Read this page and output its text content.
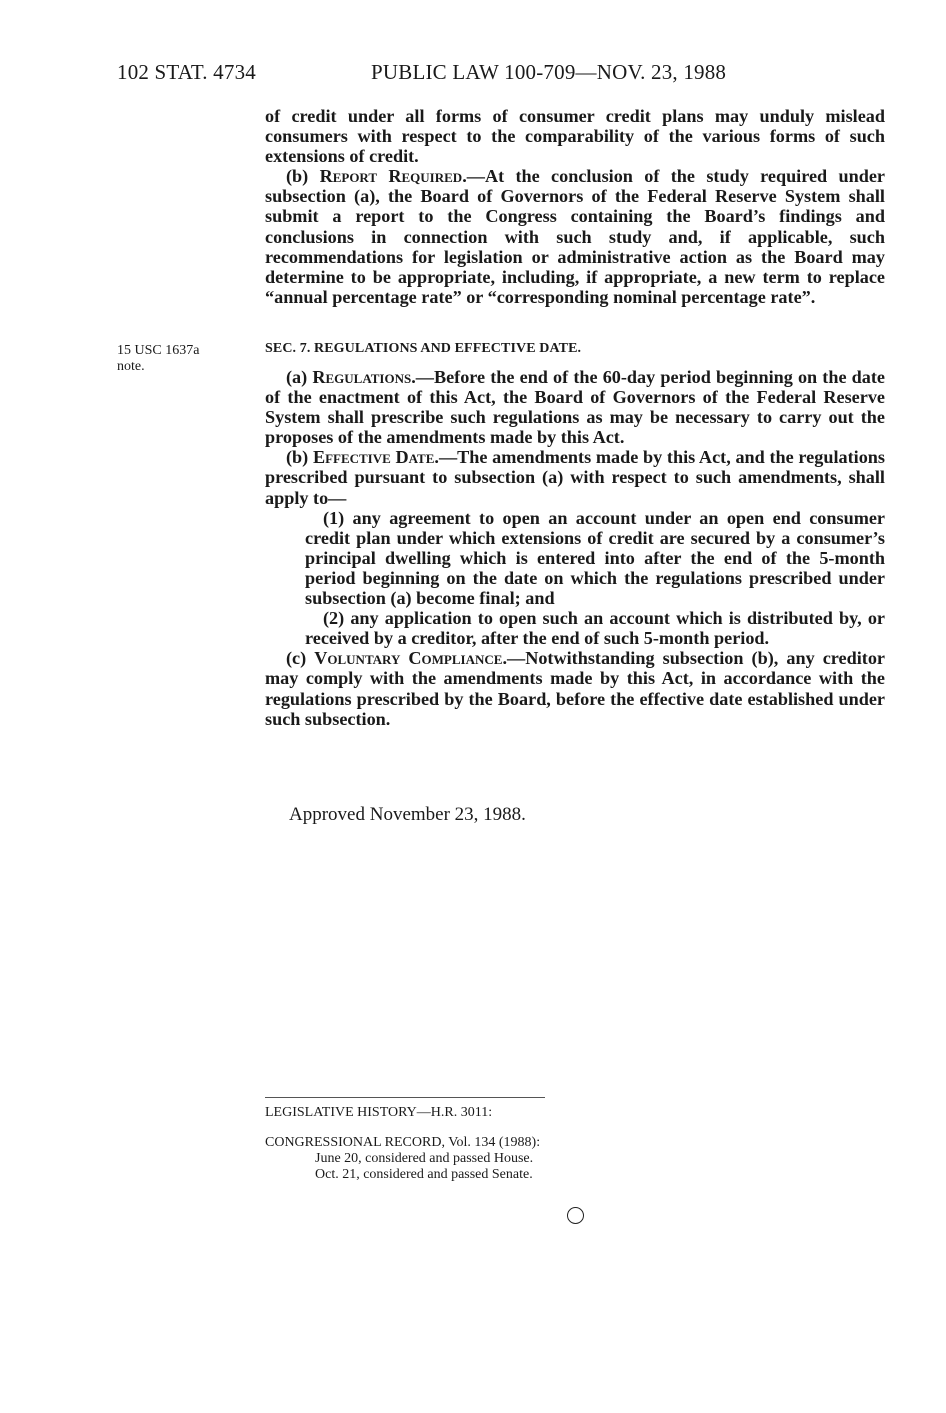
102 STAT. 4734	PUBLIC LAW 100-709—NOV. 23, 1988

of credit under all forms of consumer credit plans may unduly mislead consumers with respect to the comparability of the various forms of such extensions of credit.

(b) Report Required.—At the conclusion of the study required under subsection (a), the Board of Governors of the Federal Reserve System shall submit a report to the Congress containing the Board’s findings and conclusions in connection with such study and, if applicable, such recommendations for legislation or administrative action as the Board may determine to be appropriate, including, if appropriate, a new term to replace “annual percentage rate” or “corresponding nominal percentage rate”.

15 USC 1637a
note.
SEC. 7. REGULATIONS AND EFFECTIVE DATE.

(a) Regulations.—Before the end of the 60-day period beginning on the date of the enactment of this Act, the Board of Governors of the Federal Reserve System shall prescribe such regulations as may be necessary to carry out the proposes of the amendments made by this Act.

(b) Effective Date.—The amendments made by this Act, and the regulations prescribed pursuant to subsection (a) with respect to such amendments, shall apply to—

(1) any agreement to open an account under an open end consumer credit plan under which extensions of credit are secured by a consumer’s principal dwelling which is entered into after the end of the 5-month period beginning on the date on which the regulations prescribed under subsection (a) become final; and

(2) any application to open such an account which is distributed by, or received by a creditor, after the end of such 5-month period.

(c) Voluntary Compliance.—Notwithstanding subsection (b), any creditor may comply with the amendments made by this Act, in accordance with the regulations prescribed by the Board, before the effective date established under such subsection.

Approved November 23, 1988.
LEGISLATIVE HISTORY—H.R. 3011:
CONGRESSIONAL RECORD, Vol. 134 (1988):
June 20, considered and passed House.
Oct. 21, considered and passed Senate.
